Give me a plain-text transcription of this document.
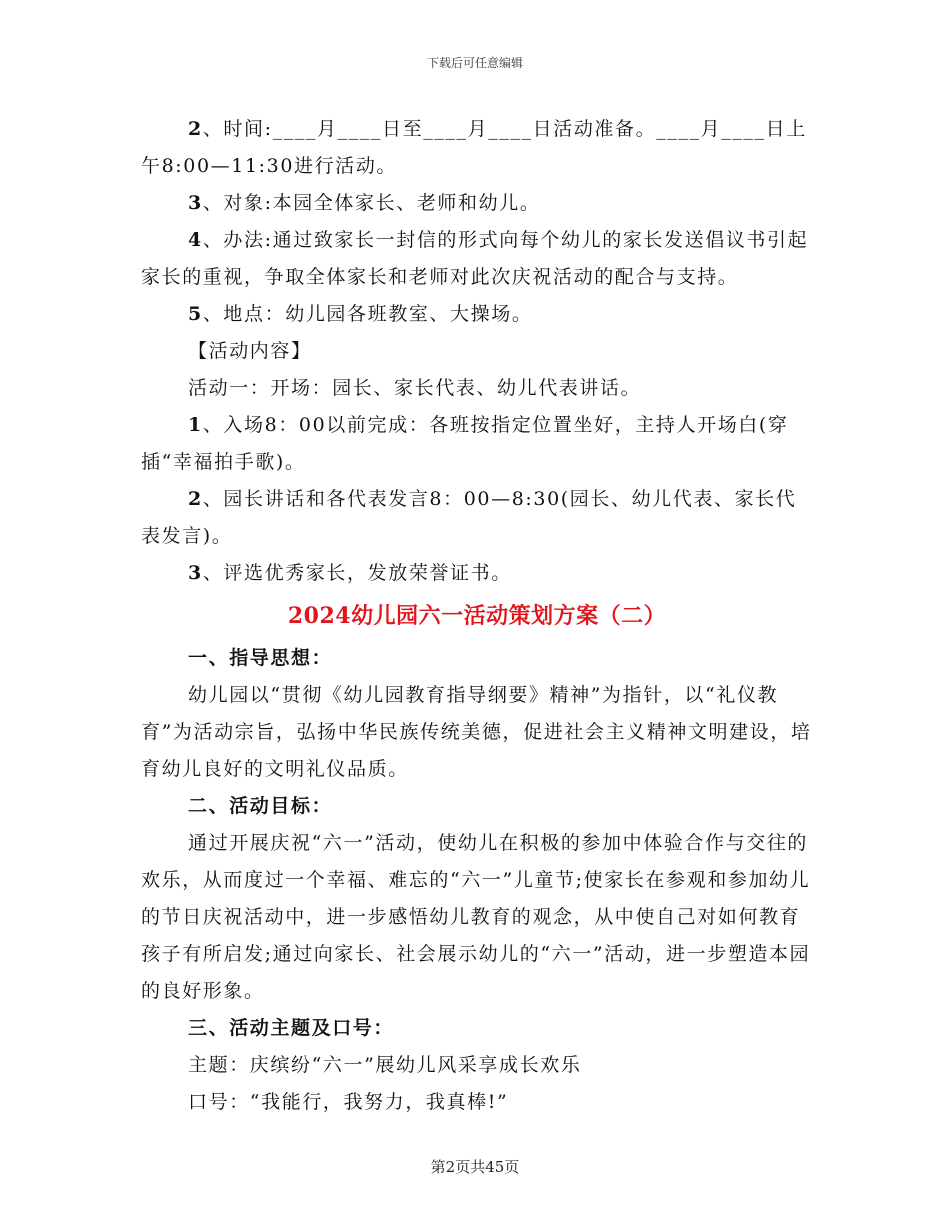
下载后可任意编辑

2、时间:____月____日至____月____日活动准备。____月____日上午8:00—11:30进行活动。

3、对象:本园全体家长、老师和幼儿。

4、办法:通过致家长一封信的形式向每个幼儿的家长发送倡议书引起家长的重视，争取全体家长和老师对此次庆祝活动的配合与支持。

5、地点：幼儿园各班教室、大操场。

【活动内容】

活动一：开场：园长、家长代表、幼儿代表讲话。

1、入场8：00以前完成：各班按指定位置坐好，主持人开场白(穿插“幸福拍手歌)。

2、园长讲话和各代表发言8：00—8:30(园长、幼儿代表、家长代表发言)。

3、评选优秀家长，发放荣誉证书。

2024幼儿园六一活动策划方案（二）

一、指导思想：

幼儿园以“贯彻《幼儿园教育指导纲要》精神”为指针，以“礼仪教育”为活动宗旨，弘扬中华民族传统美德，促进社会主义精神文明建设，培育幼儿良好的文明礼仪品质。

二、活动目标：

通过开展庆祝“六一”活动，使幼儿在积极的参加中体验合作与交往的欢乐，从而度过一个幸福、难忘的“六一”儿童节;使家长在参观和参加幼儿的节日庆祝活动中，进一步感悟幼儿教育的观念，从中使自己对如何教育孩子有所启发;通过向家长、社会展示幼儿的“六一”活动，进一步塑造本园的良好形象。

三、活动主题及口号：

主题：庆缤纷“六一”展幼儿风采享成长欢乐

口号：“我能行，我努力，我真棒!”

第2页共45页
